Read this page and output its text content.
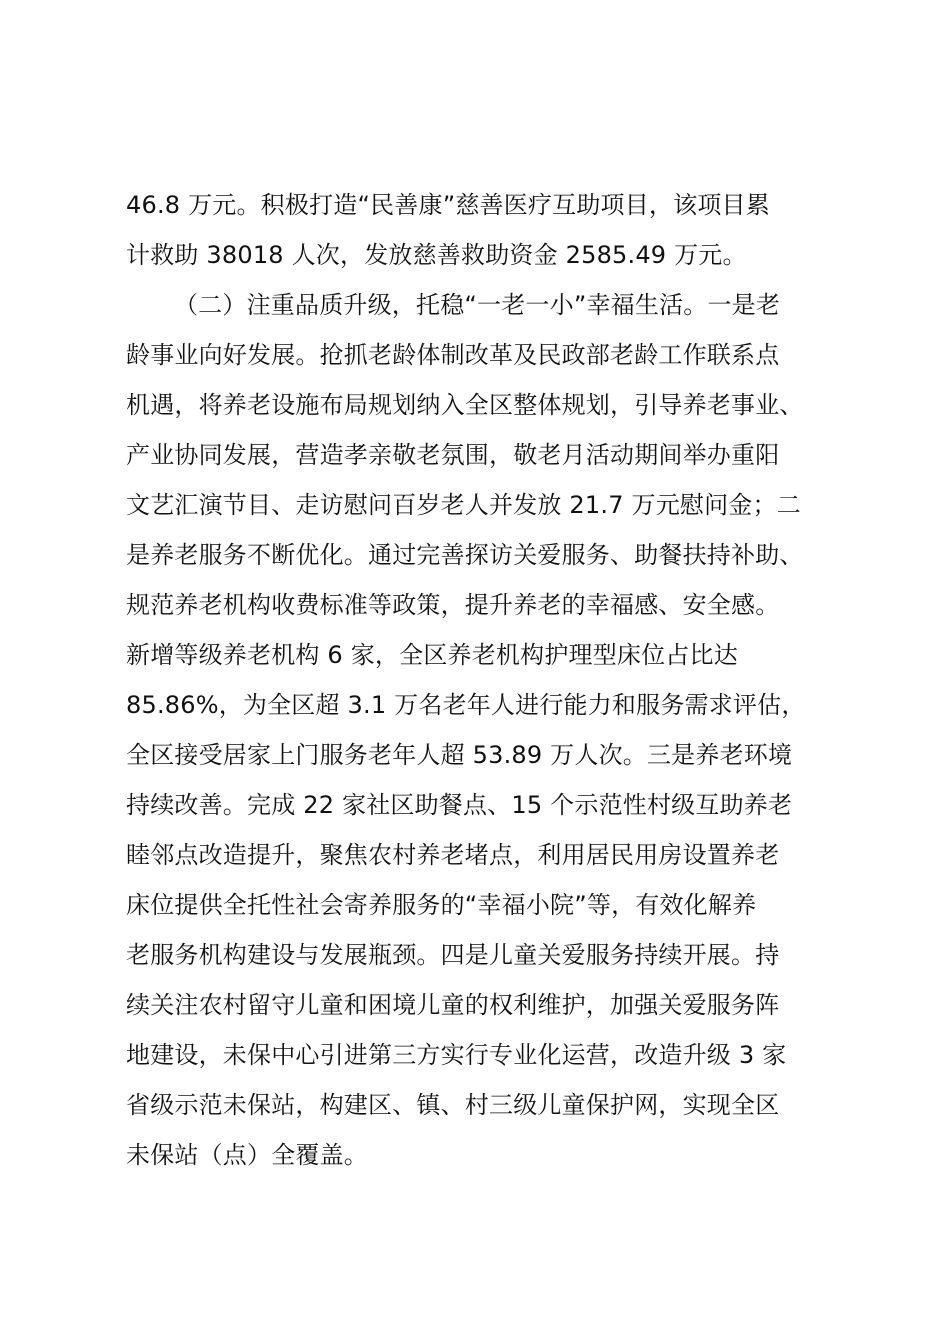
46.8 万元。积极打造“民善康”慈善医疗互助项目，该项目累
计救助 38018 人次，发放慈善救助资金 2585.49 万元。
（二）注重品质升级，托稳“一老一小”幸福生活。一是老
龄事业向好发展。抢抓老龄体制改革及民政部老龄工作联系点
机遇，将养老设施布局规划纳入全区整体规划，引导养老事业、
产业协同发展，营造孝亲敬老氛围，敬老月活动期间举办重阳
文艺汇演节目、走访慰问百岁老人并发放 21.7 万元慰问金；二
是养老服务不断优化。通过完善探访关爱服务、助餐扶持补助、
规范养老机构收费标准等政策，提升养老的幸福感、安全感。
新增等级养老机构 6 家，全区养老机构护理型床位占比达
85.86%，为全区超 3.1 万名老年人进行能力和服务需求评估，
全区接受居家上门服务老年人超 53.89 万人次。三是养老环境
持续改善。完成 22 家社区助餐点、15 个示范性村级互助养老
睦邻点改造提升，聚焦农村养老堵点，利用居民用房设置养老
床位提供全托性社会寄养服务的“幸福小院”等，有效化解养
老服务机构建设与发展瓶颈。四是儿童关爱服务持续开展。持
续关注农村留守儿童和困境儿童的权利维护，加强关爱服务阵
地建设，未保中心引进第三方实行专业化运营，改造升级 3 家
省级示范未保站，构建区、镇、村三级儿童保护网，实现全区
未保站（点）全覆盖。
